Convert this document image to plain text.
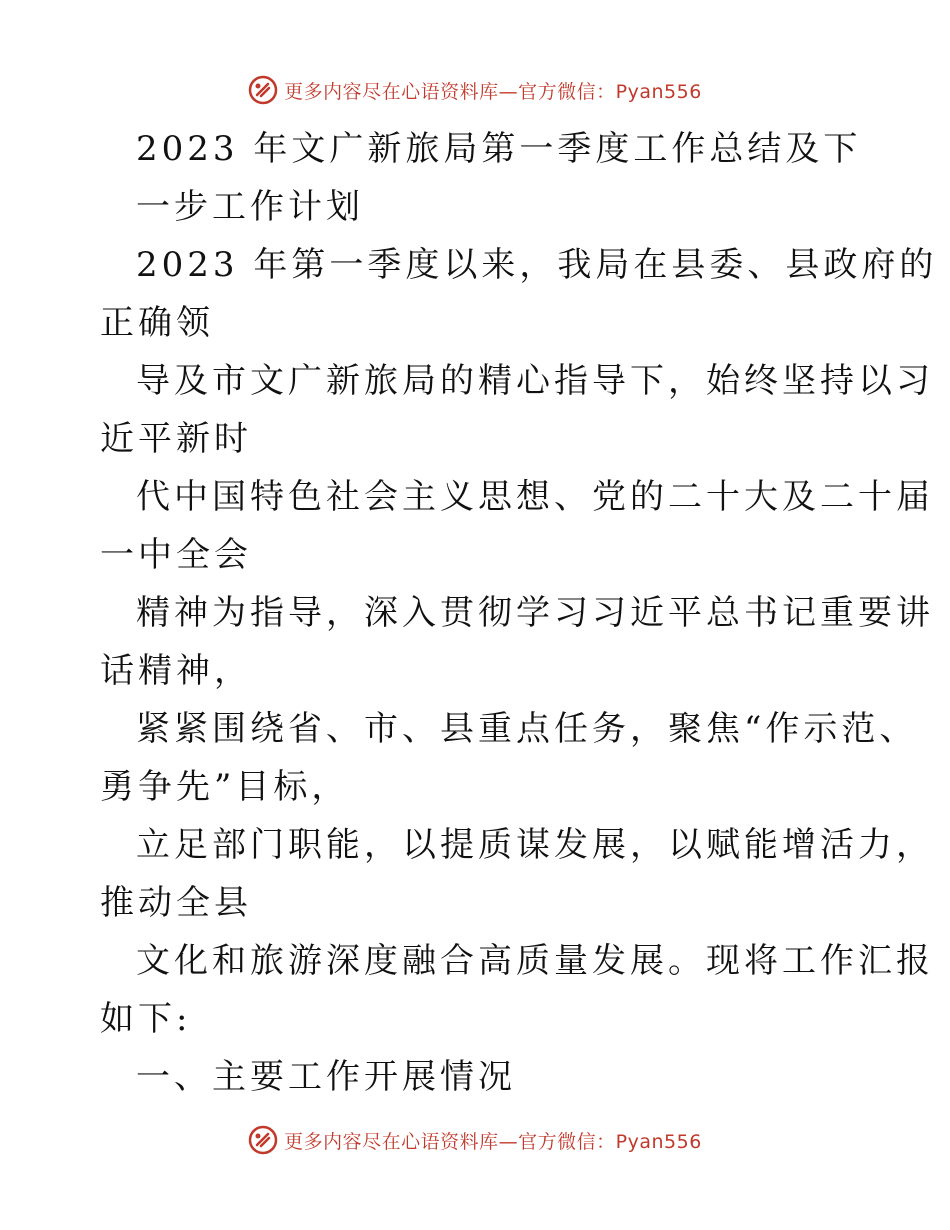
更多内容尽在心语资料库—官方微信：Pyan556
2023 年文广新旅局第一季度工作总结及下
一步工作计划
2023 年第一季度以来，我局在县委、县政府的
正确领
导及市文广新旅局的精心指导下，始终坚持以习
近平新时
代中国特色社会主义思想、党的二十大及二十届
一中全会
精神为指导，深入贯彻学习习近平总书记重要讲
话精神，
紧紧围绕省、市、县重点任务，聚焦“作示范、
勇争先”目标，
立足部门职能，以提质谋发展，以赋能增活力，
推动全县
文化和旅游深度融合高质量发展。现将工作汇报
如下:
一、主要工作开展情况
更多内容尽在心语资料库—官方微信：Pyan556
